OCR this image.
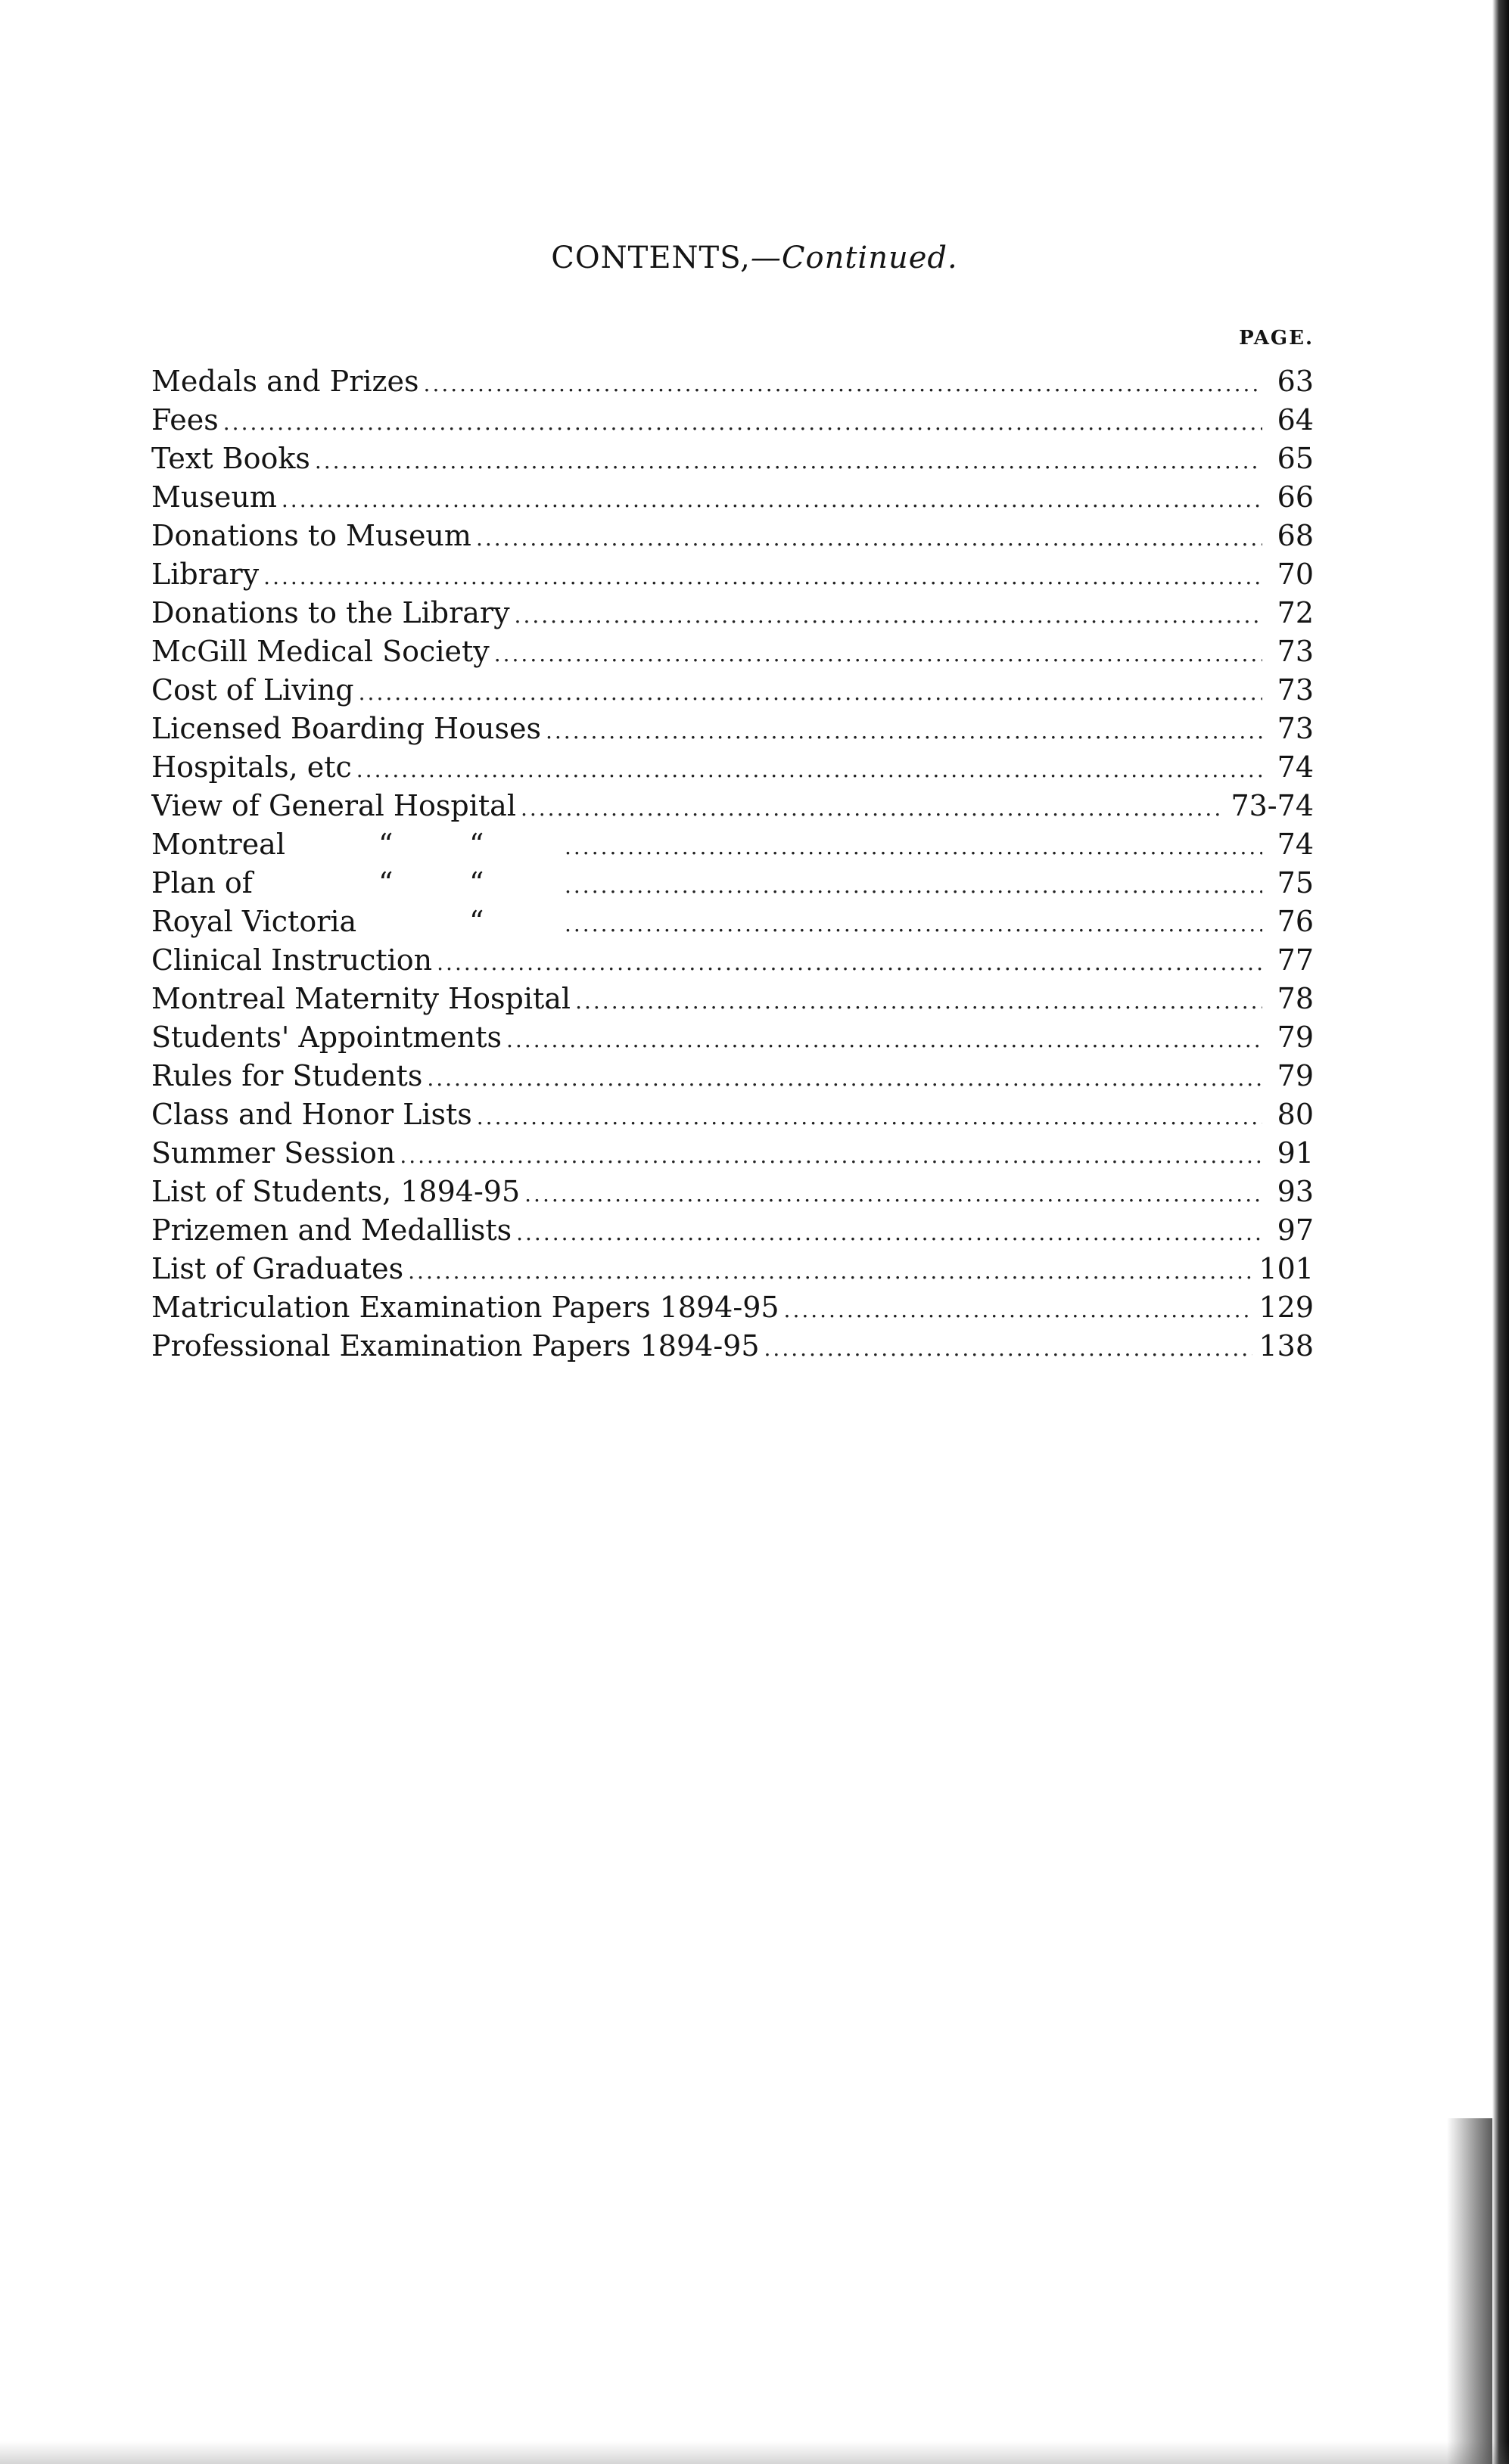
CONTENTS,—Continued.
PAGE.
Medals and Prizes .....	63
Fees .....	64
Text Books .....	65
Museum .....	66
Donations to Museum .....	68
Library .....	70
Donations to the Library .....	72
McGill Medical Society .....	73
Cost of Living .....	73
Licensed Boarding Houses .....	73
Hospitals, etc .....	74
View of General Hospital .....	73-74
Montreal	“	“ .....	74
Plan of	“	“ .....	75
Royal Victoria	“ .....	76
Clinical Instruction .....	77
Montreal Maternity Hospital .....	78
Students' Appointments .....	79
Rules for Students .....	79
Class and Honor Lists .....	80
Summer Session .....	91
List of Students, 1894-95 .....	93
Prizemen and Medallists .....	97
List of Graduates .....	101
Matriculation Examination Papers 1894-95 .....	129
Professional Examination Papers 1894-95 .....	138
